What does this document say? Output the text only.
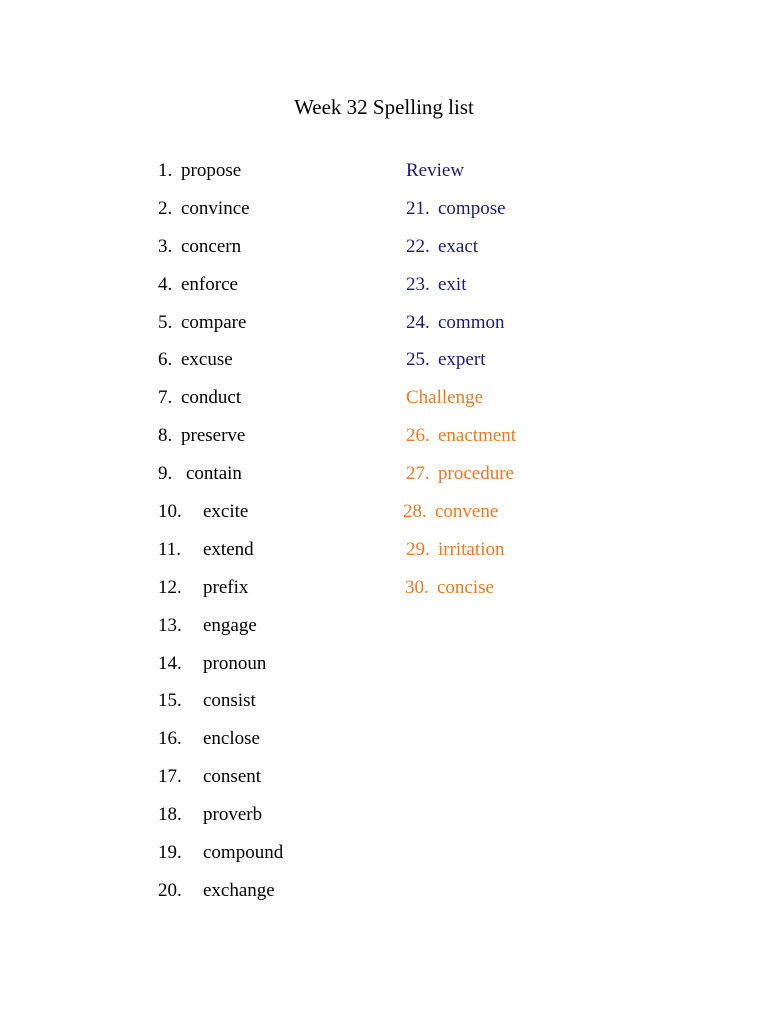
Week 32 Spelling list
1. propose
2. convince
3. concern
4. enforce
5. compare
6. excuse
7. conduct
8. preserve
9. contain
10. excite
11. extend
12. prefix
13. engage
14. pronoun
15. consist
16. enclose
17. consent
18. proverb
19. compound
20. exchange
Review
21. compose
22. exact
23. exit
24. common
25. expert
Challenge
26. enactment
27. procedure
28. convene
29. irritation
30. concise
